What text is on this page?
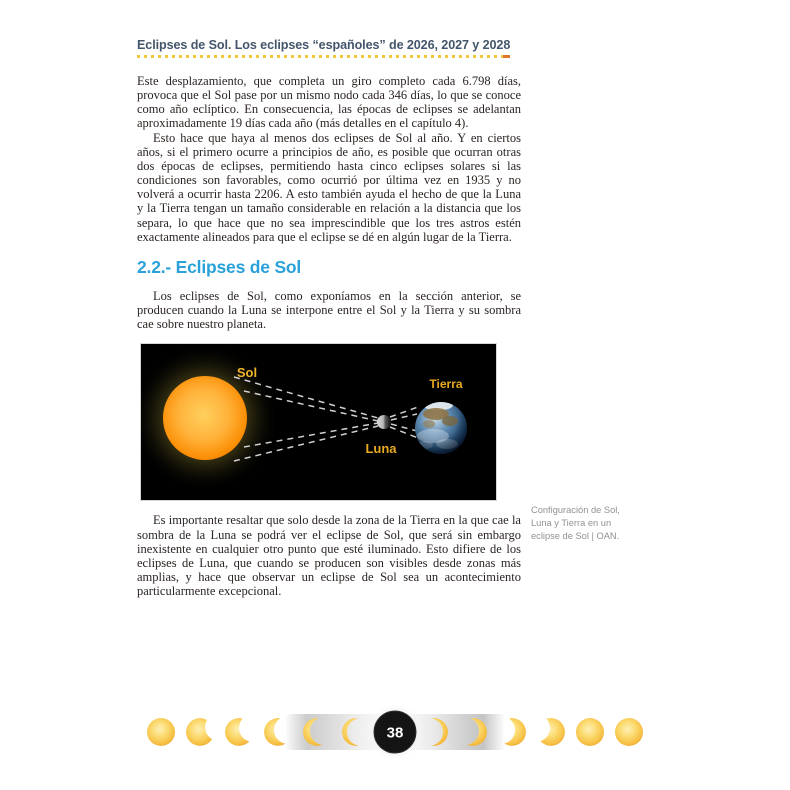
Eclipses de Sol. Los eclipses “españoles” de 2026, 2027 y 2028

Este desplazamiento, que completa un giro completo cada 6.798 días, provoca que el Sol pase por un mismo nodo cada 346 días, lo que se conoce como año eclíptico. En consecuencia, las épocas de eclipses se adelantan aproximadamente 19 días cada año (más detalles en el capítulo 4).

Esto hace que haya al menos dos eclipses de Sol al año. Y en ciertos años, si el primero ocurre a principios de año, es posible que ocurran otras dos épocas de eclipses, permitiendo hasta cinco eclipses solares si las condiciones son favorables, como ocurrió por última vez en 1935 y no volverá a ocurrir hasta 2206. A esto también ayuda el hecho de que la Luna y la Tierra tengan un tamaño considerable en relación a la distancia que los separa, lo que hace que no sea imprescindible que los tres astros estén exactamente alineados para que el eclipse se dé en algún lugar de la Tierra.

2.2.- Eclipses de Sol

Los eclipses de Sol, como exponíamos en la sección anterior, se producen cuando la Luna se interpone entre el Sol y la Tierra y su sombra cae sobre nuestro planeta.

Sol
Tierra
Luna

Es importante resaltar que solo desde la zona de la Tierra en la que cae la sombra de la Luna se podrá ver el eclipse de Sol, que será sin embargo inexistente en cualquier otro punto que esté iluminado. Esto difiere de los eclipses de Luna, que cuando se producen son visibles desde zonas más amplias, y hace que observar un eclipse de Sol sea un acontecimiento particularmente excepcional.

Configuración de Sol, Luna y Tierra en un eclipse de Sol | OAN.
38
